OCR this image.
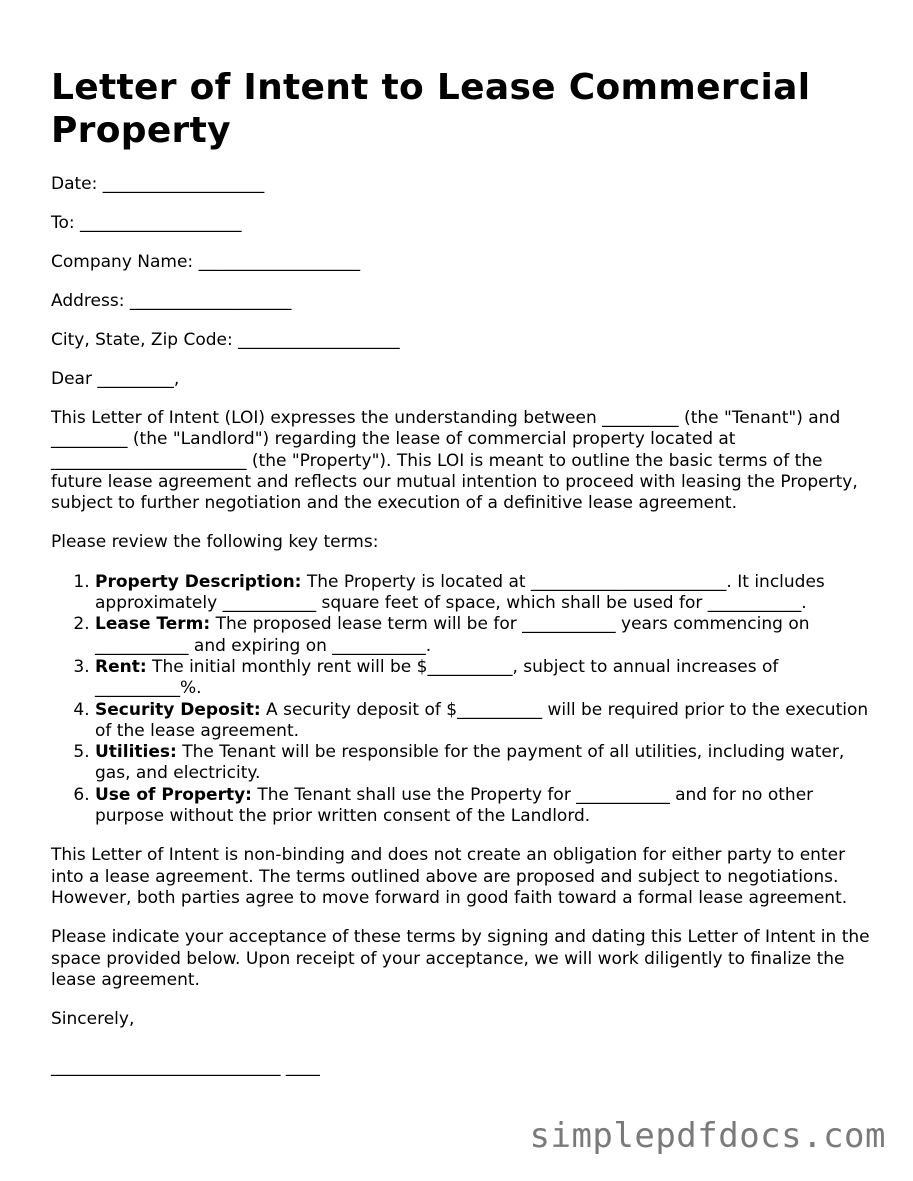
Letter of Intent to Lease Commercial Property
Date: ___________________
To: ___________________
Company Name: ___________________
Address: ___________________
City, State, Zip Code: ___________________
Dear _________,

This Letter of Intent (LOI) expresses the understanding between _________ (the "Tenant") and _________ (the "Landlord") regarding the lease of commercial property located at _______________________ (the "Property"). This LOI is meant to outline the basic terms of the future lease agreement and reflects our mutual intention to proceed with leasing the Property, subject to further negotiation and the execution of a definitive lease agreement.

Please review the following key terms:

1. Property Description: The Property is located at _______________________. It includes approximately ___________ square feet of space, which shall be used for ___________.
2. Lease Term: The proposed lease term will be for ___________ years commencing on ___________ and expiring on ___________.
3. Rent: The initial monthly rent will be $__________, subject to annual increases of __________%.
4. Security Deposit: A security deposit of $__________ will be required prior to the execution of the lease agreement.
5. Utilities: The Tenant will be responsible for the payment of all utilities, including water, gas, and electricity.
6. Use of Property: The Tenant shall use the Property for ___________ and for no other purpose without the prior written consent of the Landlord.

This Letter of Intent is non-binding and does not create an obligation for either party to enter into a lease agreement. The terms outlined above are proposed and subject to negotiations. However, both parties agree to move forward in good faith toward a formal lease agreement.

Please indicate your acceptance of these terms by signing and dating this Letter of Intent in the space provided below. Upon receipt of your acceptance, we will work diligently to finalize the lease agreement.

Sincerely,
___________________________ ____
simplepdfdocs.com
